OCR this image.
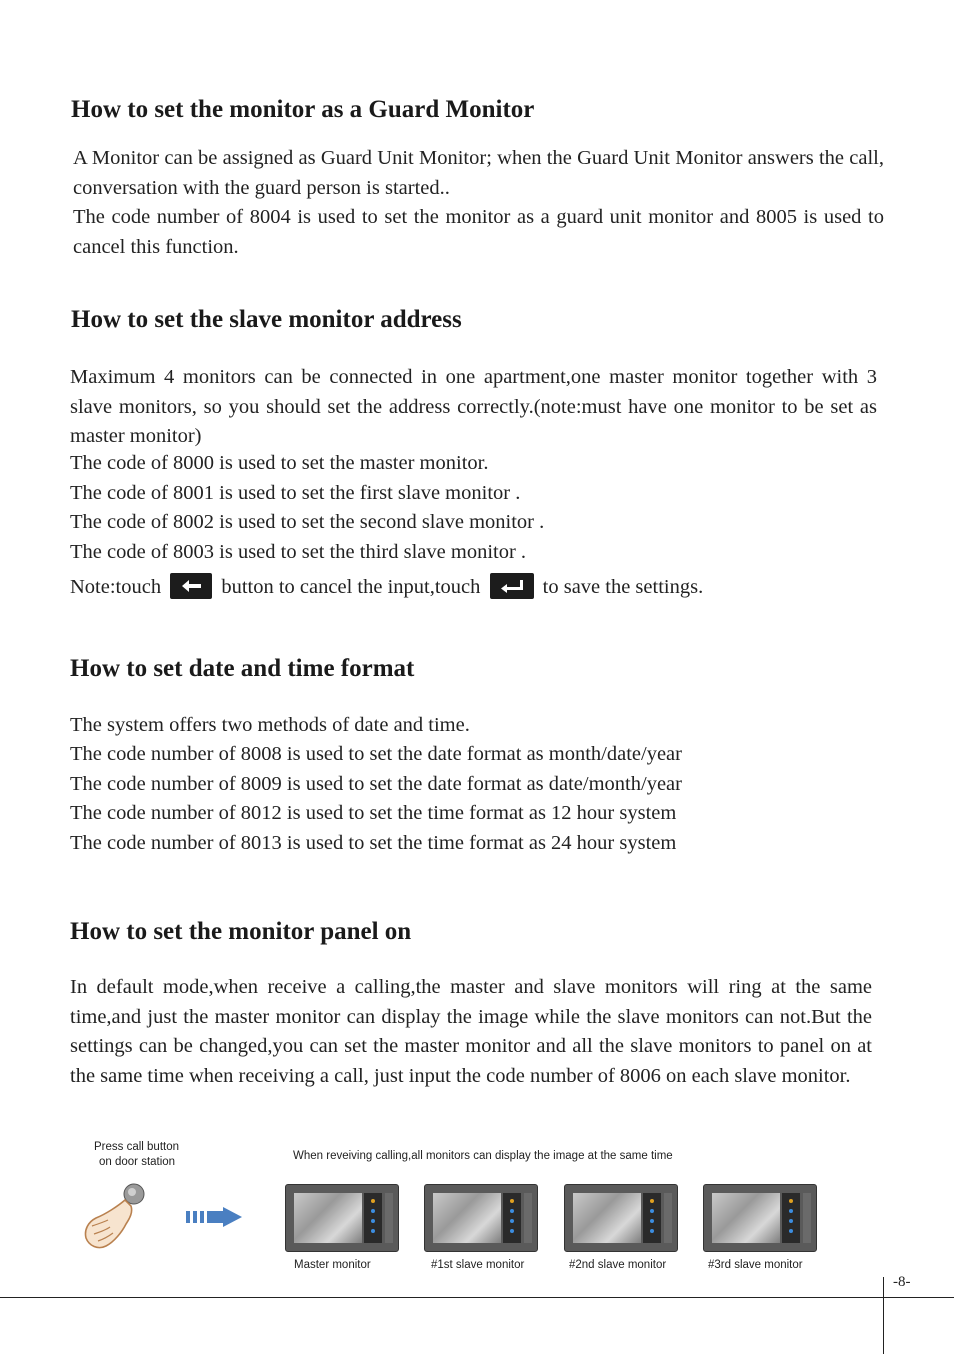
How to set the monitor as a Guard Monitor

A Monitor can be assigned as Guard Unit Monitor; when the Guard Unit Monitor answers the call, conversation with the guard person is started..

The code number of 8004 is used to set the monitor as a guard unit monitor and 8005 is used to cancel this function.

How to set the slave monitor address

Maximum 4 monitors can be connected in one apartment,one master monitor together with 3 slave monitors, so you should set the address correctly.(note:must have one monitor to be set as master monitor)

The code of 8000 is used to set the master monitor.
The code of 8001 is used to set the first slave monitor .
The code of 8002 is used to set the second slave monitor .
The code of 8003 is used to set the third slave monitor .
Note:touch	button to cancel the input,touch	to save the settings.
How to set date and time format
The system offers two methods of date and time.
The code number of 8008 is used to set the date format as month/date/year
The code number of 8009 is used to set the date format as date/month/year
The code number of 8012 is used to set the time format as 12 hour system
The code number of 8013 is used to set the time format as 24 hour system
How to set the monitor panel on

In default mode,when receive a calling,the master and slave monitors will ring at the same time,and just the master monitor can display the image while the slave monitors can not.But the settings can be changed,you can set the master monitor and all the slave monitors to panel on at the same time when receiving a call, just input the code number of 8006 on each slave monitor.

Press call button
on door station	When reveiving calling,all monitors can display the image at the same time
Master monitor	#1st slave monitor	#2nd slave monitor	#3rd slave monitor
-8-
